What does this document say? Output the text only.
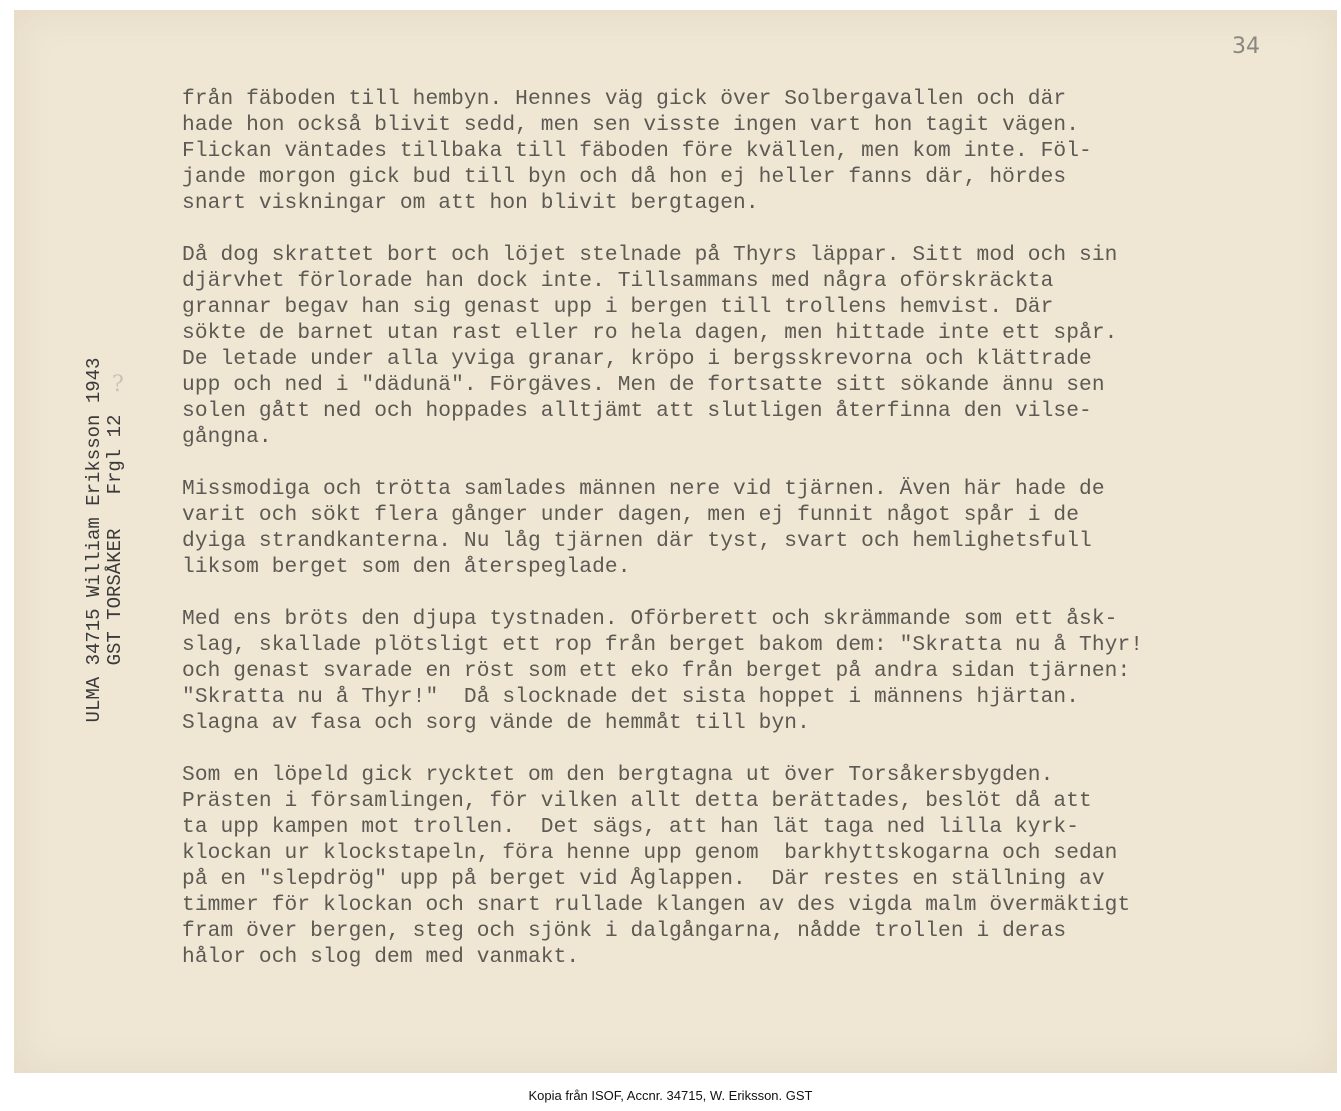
34
ULMA 34715 William Eriksson 1943
GST TORSÅKER   Frgl 12
?
från fäboden till hembyn. Hennes väg gick över Solbergavallen och där
hade hon också blivit sedd, men sen visste ingen vart hon tagit vägen.
Flickan väntades tillbaka till fäboden före kvällen, men kom inte. Föl-
jande morgon gick bud till byn och då hon ej heller fanns där, hördes
snart viskningar om att hon blivit bergtagen.
Då dog skrattet bort och löjet stelnade på Thyrs läppar. Sitt mod och sin
djärvhet förlorade han dock inte. Tillsammans med några oförskräckta
grannar begav han sig genast upp i bergen till trollens hemvist. Där
sökte de barnet utan rast eller ro hela dagen, men hittade inte ett spår.
De letade under alla yviga granar, kröpo i bergsskrevorna och klättrade
upp och ned i "dädunä". Förgäves. Men de fortsatte sitt sökande ännu sen
solen gått ned och hoppades alltjämt att slutligen återfinna den vilse-
gångna.
Missmodiga och trötta samlades männen nere vid tjärnen. Även här hade de
varit och sökt flera gånger under dagen, men ej funnit något spår i de
dyiga strandkanterna. Nu låg tjärnen där tyst, svart och hemlighetsfull
liksom berget som den återspeglade.
Med ens bröts den djupa tystnaden. Oförberett och skrämmande som ett åsk-
slag, skallade plötsligt ett rop från berget bakom dem: "Skratta nu å Thyr!
och genast svarade en röst som ett eko från berget på andra sidan tjärnen:
"Skratta nu å Thyr!"  Då slocknade det sista hoppet i männens hjärtan.
Slagna av fasa och sorg vände de hemmåt till byn.
Som en löpeld gick rycktet om den bergtagna ut över Torsåkersbygden.
Prästen i församlingen, för vilken allt detta berättades, beslöt då att
ta upp kampen mot trollen.  Det sägs, att han lät taga ned lilla kyrk-
klockan ur klockstapeln, föra henne upp genom  barkhyttskogarna och sedan
på en "slepdrög" upp på berget vid Åglappen.  Där restes en ställning av
timmer för klockan och snart rullade klangen av des vigda malm övermäktigt
fram över bergen, steg och sjönk i dalgångarna, nådde trollen i deras
hålor och slog dem med vanmakt.
Kopia från ISOF, Accnr. 34715, W. Eriksson. GST
